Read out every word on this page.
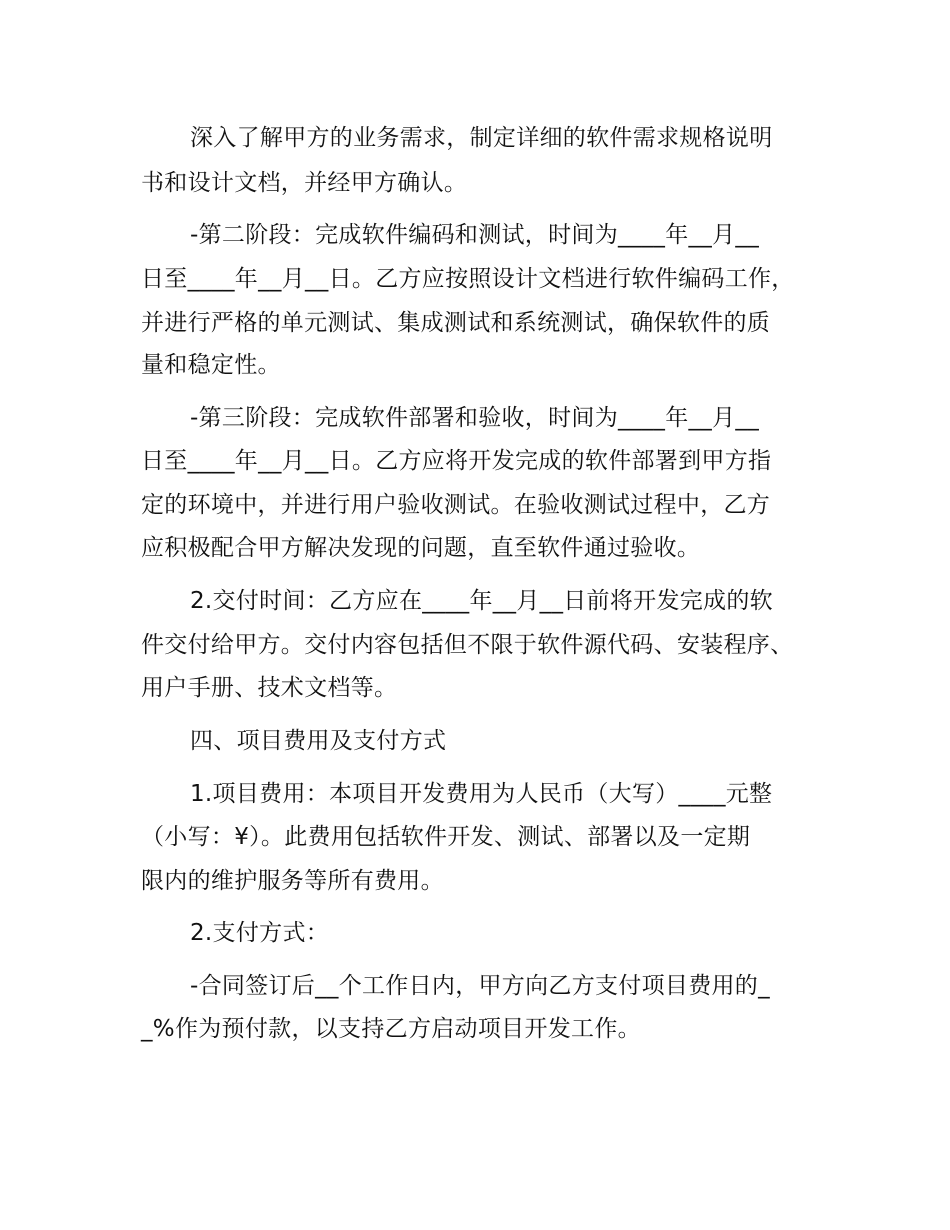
深入了解甲方的业务需求，制定详细的软件需求规格说明
书和设计文档，并经甲方确认。
-第二阶段：完成软件编码和测试，时间为____年__月__
日至____年__月__日。乙方应按照设计文档进行软件编码工作，
并进行严格的单元测试、集成测试和系统测试，确保软件的质
量和稳定性。
-第三阶段：完成软件部署和验收，时间为____年__月__
日至____年__月__日。乙方应将开发完成的软件部署到甲方指
定的环境中，并进行用户验收测试。在验收测试过程中，乙方
应积极配合甲方解决发现的问题，直至软件通过验收。
2.交付时间：乙方应在____年__月__日前将开发完成的软
件交付给甲方。交付内容包括但不限于软件源代码、安装程序、
用户手册、技术文档等。
四、项目费用及支付方式
1.项目费用：本项目开发费用为人民币（大写）____元整
（小写：¥）。此费用包括软件开发、测试、部署以及一定期
限内的维护服务等所有费用。
2.支付方式：
-合同签订后__个工作日内，甲方向乙方支付项目费用的_
_%作为预付款，以支持乙方启动项目开发工作。
